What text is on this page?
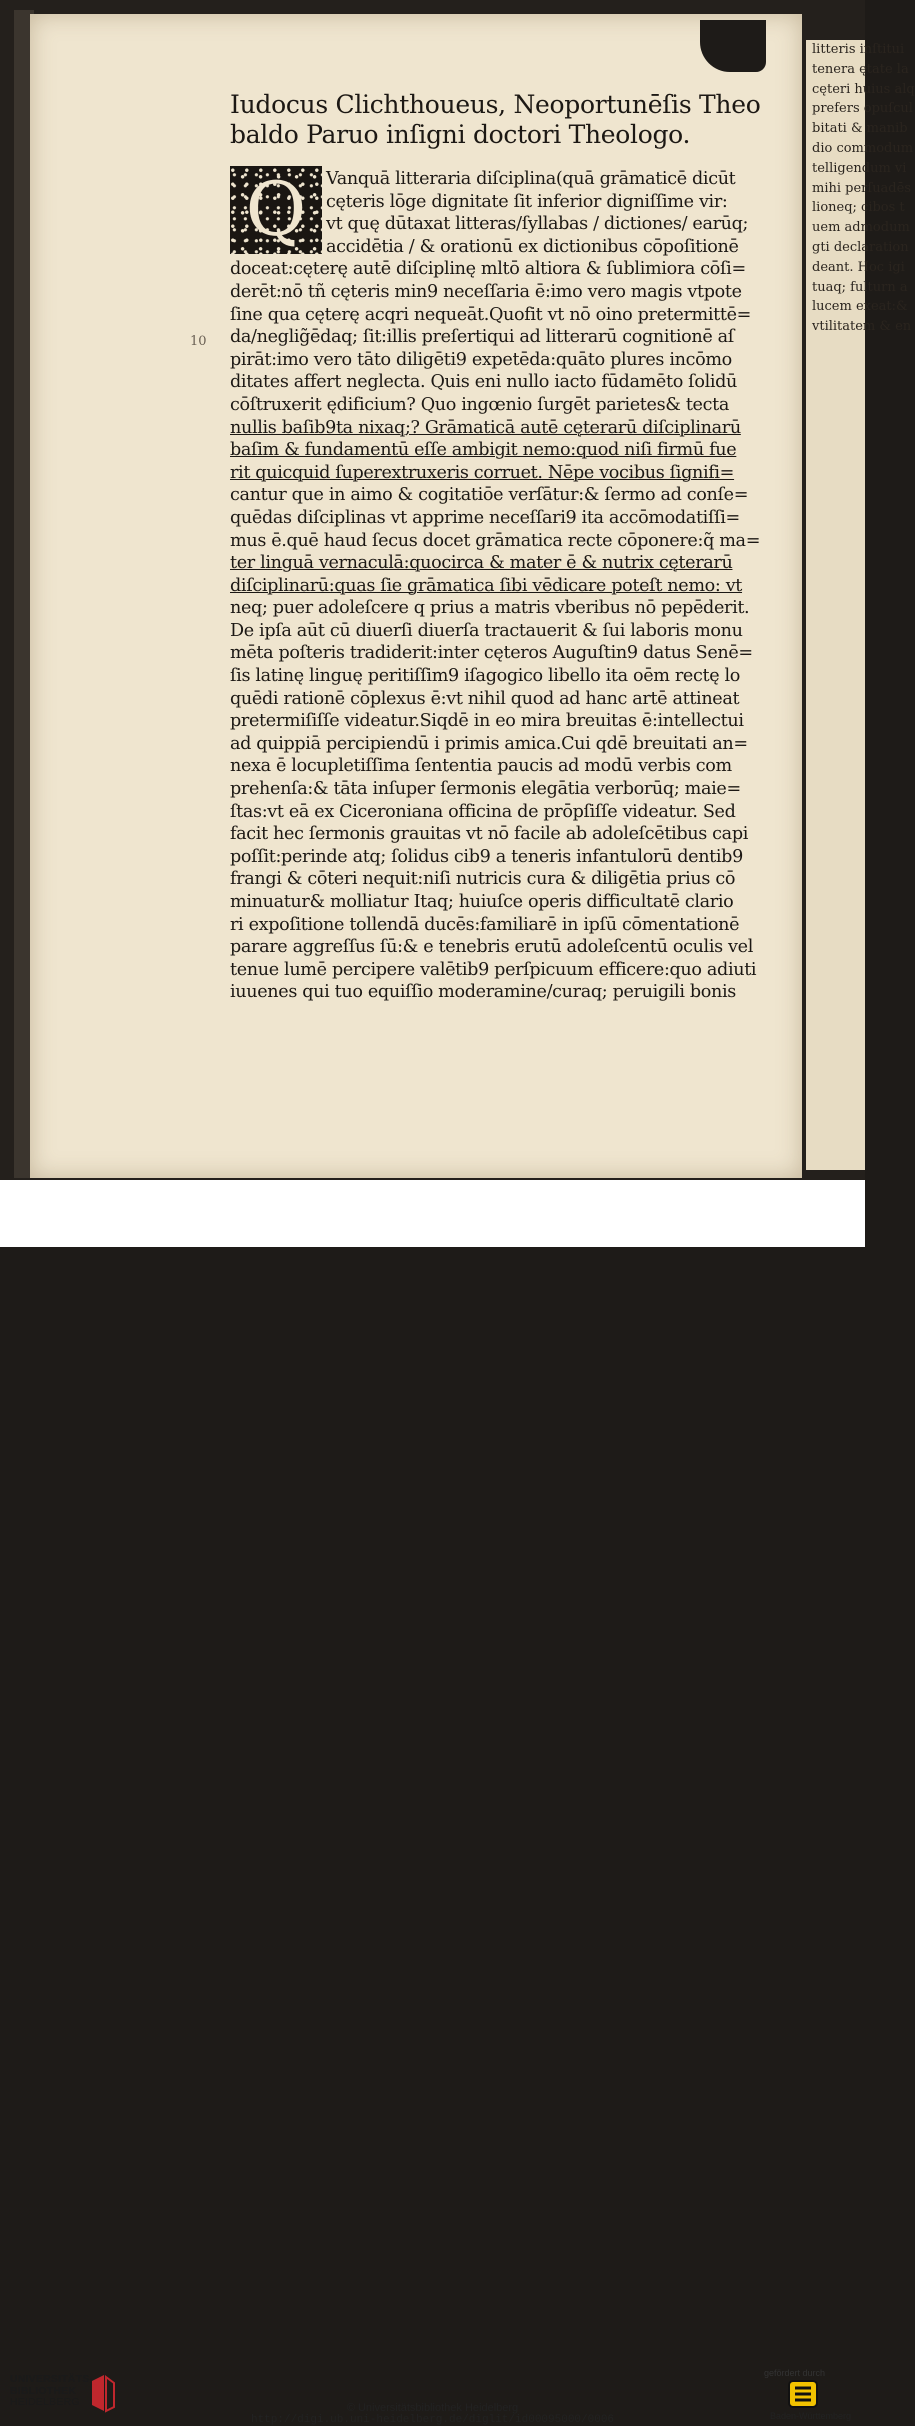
litteris inſtitui
tenera ętate la
cęteri huius alq
prefers opuſcul
bitati & manib
dio commodum
telligendum vi
mihi perſuadēs
lioneq; cibos t
uem admodum
gti declaration
deant. Hoc igi
tuaq; fulturn a
lucem exeat:&
vtilitatem & en
10
Iudocus Clichthoueus, Neoportunēſis Theo
baldo Paruo inſigni doctori Theologo.
Q	Vanquā litteraria diſciplina(quā grāmaticē dicūt
cęteris lōge dignitate ſit inferior digniſſime vir:
vt quę dūtaxat litteras/ſyllabas / dictiones/ earūq;
accidētia / & orationū ex dictionibus cōpoſitionē
doceat:cęterę autē diſciplinę mltō altiora & ſublimiora cōſi=
derēt:nō tñ cęteris min9 neceſſaria ē:imo vero magis vtpote
ſine qua cęterę acqri nequeāt.Quofit vt nō oino pretermittē=
da/neglig̃ēdaq; ſit:illis preſertiqui ad litterarū cognitionē aſ
pirāt:imo vero tāto diligēti9 expetēda:quāto plures incōmo
ditates affert neglecta. Quis eni nullo iacto fūdamēto ſolidū
cōſtruxerit ędificium? Quo ingœnio ſurgēt parietes& tecta
nullis baſib9ta nixaq;? Grāmaticā autē cęterarū diſciplinarū
baſim & fundamentū eſſe ambigit nemo:quod niſi firmū fue
rit quicquid ſuperextruxeris corruet. Nēpe vocibus ſignifi=
cantur que in aimo & cogitatiōe verſātur:& ſermo ad conſe=
quēdas diſciplinas vt apprime neceſſari9 ita accōmodatiſſi=
mus ē.quē haud ſecus docet grāmatica recte cōponere:q̃ ma=
ter linguā vernaculā:quocirca & mater ē & nutrix cęterarū
diſciplinarū:quas ſie grāmatica ſibi vēdicare poteſt nemo: vt
neq; puer adoleſcere q prius a matris vberibus nō pepēderit.
De ipſa aūt cū diuerſi diuerſa tractauerit & ſui laboris monu
mēta poſteris tradiderit:inter cęteros Auguſtin9 datus Senē=
ſis latinę linguę peritiſſim9 iſagogico libello ita oēm rectę lo
quēdi rationē cōplexus ē:vt nihil quod ad hanc artē attineat
pretermiſiſſe videatur.Siqdē in eo mira breuitas ē:intellectui
ad quippiā percipiendū i primis amica.Cui qdē breuitati an=
nexa ē locupletiſſima ſententia paucis ad modū verbis com
prehenſa:& tāta inſuper ſermonis elegātia verborūq; maie=
ſtas:vt eā ex Ciceroniana officina de prōpſiſſe videatur. Sed
facit hec ſermonis grauitas vt nō facile ab adoleſcētibus capi
poſſit:perinde atq; ſolidus cib9 a teneris infantulorū dentib9
frangi & cōteri nequit:niſi nutricis cura & diligētia prius cō
minuatur& molliatur Itaq; huiuſce operis difficultatē clario
ri expoſitione tollendā ducēs:familiarē in ipſū cōmentationē
parare aggreſſus ſū:& e tenebris erutū adoleſcentū oculis vel
tenue lumē percipere valētib9 perſpicuum efficere:quo adiuti
iuuenes qui tuo equiſſio moderamine/curaq; peruigili bonis
UNIVERSITÄTS-
BIBLIOTHEK
HEIDELBERG	© Universitätsbibliothek Heidelberg
http://digi.ub.uni-heidelberg.de/diglit/id00095000/0006
gefördert durch
Baden-Württemberg
